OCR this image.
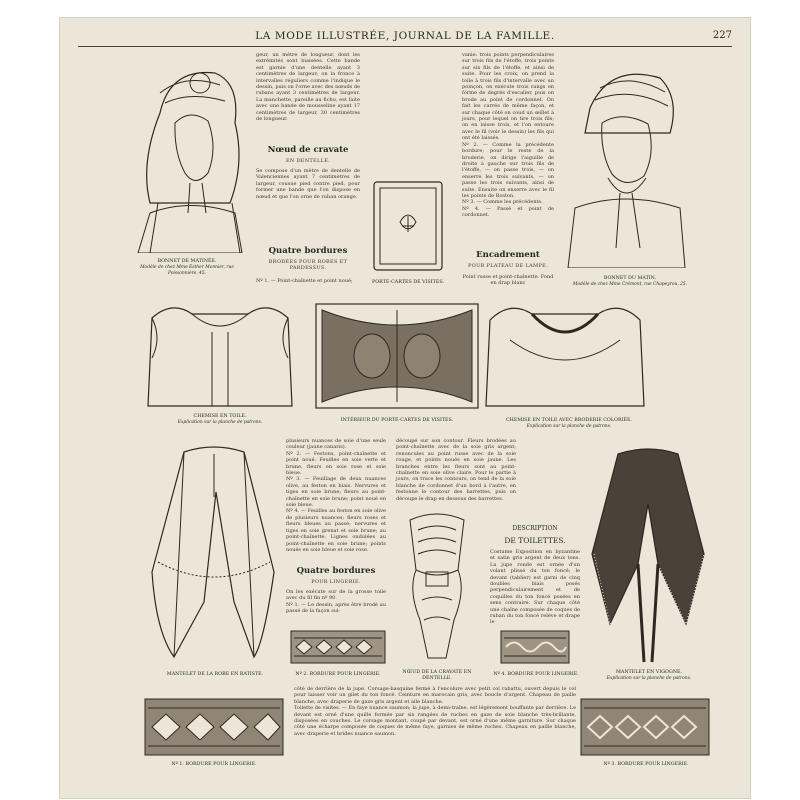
LA MODE ILLUSTRÉE, JOURNAL DE LA FAMILLE.	227
BONNET DE MATINÉE.
Modèle de chez Mme Esther Monnier, rue Poissonnière, 45.
geur, un mètre de longueur, dont les extrémités sont biaisées. Cette bande est garnie d'une dentelle ayant 3 centimètres de largeur; on la fronce à intervalles réguliers comme l'indique le dessin, puis on l'orne avec des nœuds de rubans ayant 3 centimètres de largeur. La manchette, pareille au fichu, est faite avec une bande de mousseline ayant 17 centimètres de largeur, 30 centimètres de longueur.
Nœud de cravate
EN DENTELLE.
Se compose d'un mètre de dentelle de Valenciennes ayant 7 centimètres de largeur, cousue pied contre pied, pour former une bande que l'on dispose en nœud et que l'on orne de ruban orange.
Quatre bordures
BRODÉES POUR ROBES ET PARDESSUS.
Nº 1. — Point-chaînette et point noué;	PORTE-CARTES DE VISITES.

vanie: trois points perpendiculaires sur trois fils de l'étoffe, trois points sur six fils de l'étoffe, et ainsi de suite. Pour les croix, on prend la toile à trois fils d'intervalle avec un poinçon, on exécute trois rangs en forme de degrés d'escalier, puis on brode au point de cordonnet. On fait les carrés de même façon, et sur chaque côté on coud un œillet à jours, pour lequel on tire trois fils; on en laisse trois, et l'on entoure avec le fil (voir le dessin) les fils qui ont été laissés.

Nº 2. — Comme la précédente bordure; pour le reste de la broderie, on dirige l'aiguille de droite à gauche sur trois fils de l'étoffe, — on passe trois, — on enserre les trois suivants, — on passe les trois suivants, ainsi de suite. Ensuite on enserre avec le fil les points de Boston.

Nº 3. — Comme les précédents.

Nº 4. — Passé et point de cordonnet.

Encadrement
POUR PLATEAU DE LAMPE.
Point russe et point-chaînette. Fond en drap blanc
BONNET DU MATIN.
Modèle de chez Mme Crémont, rue Chapeyrou, 25.
CHEMISE EN TOILE.
Explication sur la planche de patrons.	INTÉRIEUR DU PORTE-CARTES DE VISITES.	CHEMISE EN TOILE AVEC BRODERIE COLORIÉE.
Explication sur la planche de patrons.
MANTELET DE LA ROBE EN BATISTE.
plusieurs nuances de soie d'une seule couleur (jaune canaris).
Nº 2. — Festons, point-chaînette et point noué. Feuilles en soie verte et brune, fleurs en soie rose et soie bleue.
Nº 3. — Feuillage de deux nuances olive, au feston en biais. Nervures et tiges en soie brune; fleurs au point-chaînette en soie brune; point noué en soie bleue.
Nº 4. — Feuilles au feston en soie olive de plusieurs nuances; fleurs roses et fleurs bleues au passé; nervures et tiges en soie grenat et soie brune; au point-chaînette. Lignes ondulées au point-chaînette en soie brune; points noués en soie bleue et soie rose.
Quatre bordures
POUR LINGERIE.
On les exécute sur de la grosse toile avec du fil fin nº 90.
Nº 1. — Le dessin, après être brodé au passé de la façon sui-
Nº 2. BORDURE POUR LINGERIE.
découpé sur son contour. Fleurs brodées au point-chaînette avec de la soie gris argent; renoncules au point russe avec de la soie rouge, et points noués en soie jaune. Les branches entre les fleurs sont au point-chaînette en soie olive claire. Pour le partie à jours, on trace les contours, on tend de la soie blanche de cordonnet d'un bord à l'autre, en festonne le contour des barrettes, puis on découpe le drap en dessous des barrettes.
NŒUD DE LA CRAVATE EN DENTELLE.
DESCRIPTION
DE TOILETTES.
Costume Exposition en byzantine et satin gris argent de deux tons. La jupe ronde est ornée d'un volant plissé du ton foncé; le devant (tablier) est garni de cinq doubles biais posés perpendiculairement et de coquilles du ton foncé posées en sens contraire. Sur chaque côté une chaîne composée de coques de ruban du ton foncé relève et drape le
Nº 4. BORDURE POUR LINGERIE.	MANTELET EN VIGOGNE.
Explication sur la planche de patrons.
Nº 1. BORDURE POUR LINGERIE.
côté de derrière de la jupe. Corsage-basquine fermé à l'encolure avec petit col rabattu, ouvert depuis le col pour laisser voir un gilet du ton foncé. Ceinture en marocain gris, avec boucle d'argent. Chapeau de paille blanche, avec draperie de gaze gris argent et aile blanche.
Toilette de visites. — En faye nuance saumon; la jupe, à demi-traîne, est légèrement bouffante par derrière. Le devant est orné d'une quille formée par six rangées de ruches en gaze de soie blanche très-brillante, disposées en couches. Le corsage montant, coupé par devant, est orné d'une même garniture. Sur chaque côté une écharpe composée de coques de même faye, garnies de même ruches. Chapeau en paille blanche, avec draperie et brides nuance saumon.
Nº 3. BORDURE POUR LINGERIE.
